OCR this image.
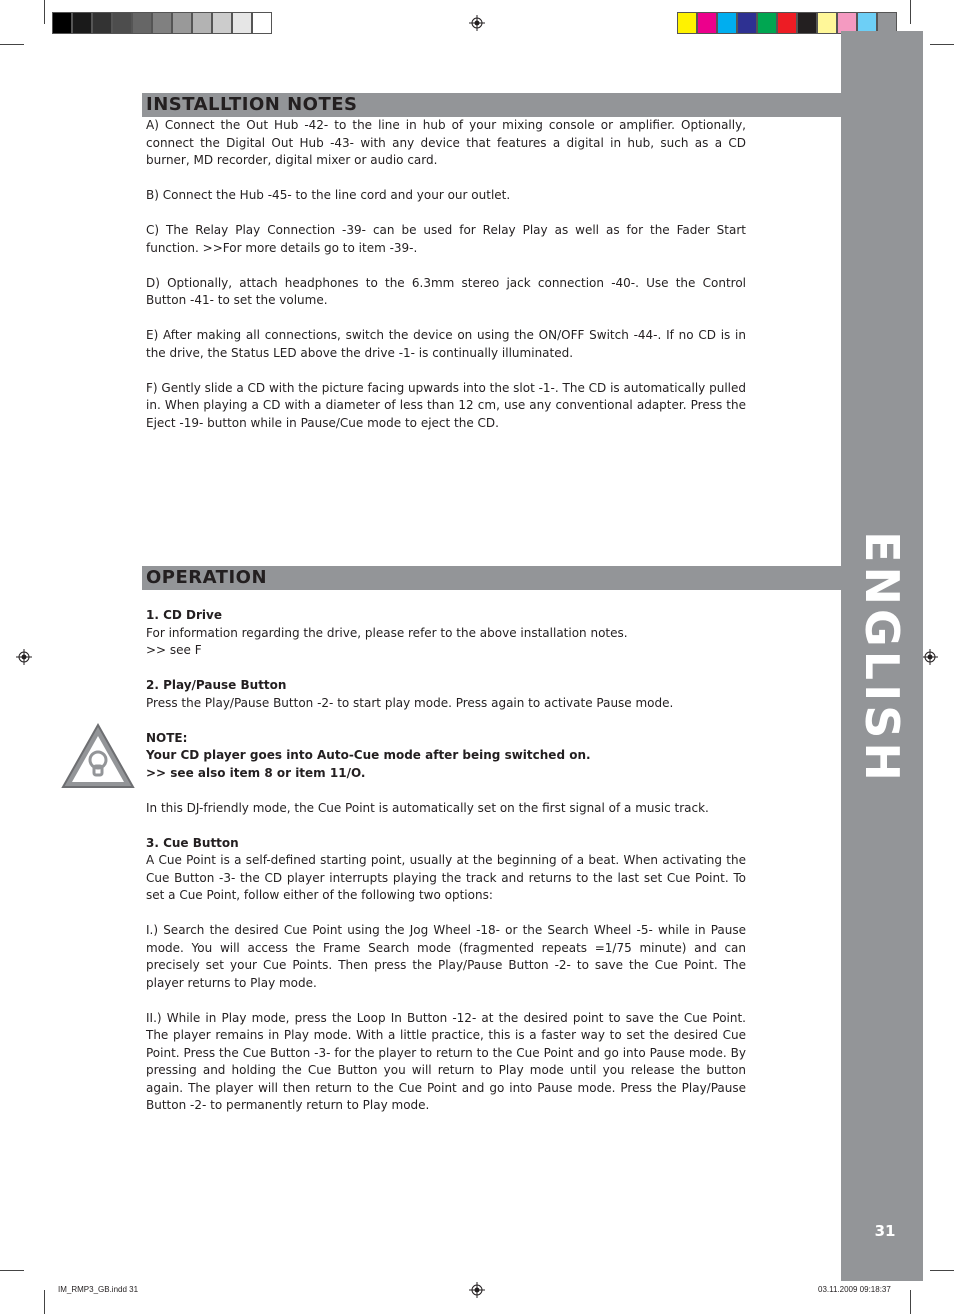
ENGLISH
31
INSTALLTION NOTES

A) Connect the Out Hub -42- to the line in hub of your mixing console or amplifier. Optionally, connect the Digital Out Hub -43- with any device that features a digital in hub, such as a CD burner, MD recorder, digital mixer or audio card.

B) Connect the Hub -45- to the line cord and your our outlet.

C) The Relay Play Connection -39- can be used for Relay Play as well as for the Fader Start function. >>For more details go to item -39-.

D) Optionally, attach headphones to the 6.3mm stereo jack connection -40-. Use the Control Button -41- to set the volume.

E) After making all connections, switch the device on using the ON/OFF Switch -44-. If no CD is in the drive, the Status LED above the drive -1- is continually illuminated.

F) Gently slide a CD with the picture facing upwards into the slot -1-. The CD is automatically pulled in. When playing a CD with a diameter of less than 12 cm, use any conventional adapter. Press the Eject -19- button while in Pause/Cue mode to eject the CD.

OPERATION

1. CD Drive

For information regarding the drive, please refer to the above installation notes.

>> see F

2. Play/Pause Button

Press the Play/Pause Button -2- to start play mode. Press again to activate Pause mode.

NOTE:

Your CD player goes into Auto-Cue mode after being switched on.

>> see also item 8 or item 11/O.

In this DJ-friendly mode, the Cue Point is automatically set on the first signal of a music track.

3. Cue Button

A Cue Point is a self-defined starting point, usually at the beginning of a beat. When activating the Cue Button -3- the CD player interrupts playing the track and returns to the last set Cue Point. To set a Cue Point, follow either of the following two options:

I.) Search the desired Cue Point using the Jog Wheel -18- or the Search Wheel -5- while in Pause mode. You will access the Frame Search mode (fragmented repeats =1/75 minute) and can precisely set your Cue Points. Then press the Play/Pause Button -2- to save the Cue Point. The player returns to Play mode.

II.) While in Play mode, press the Loop In Button -12- at the desired point to save the Cue Point. The player remains in Play mode. With a little practice, this is a faster way to set the desired Cue Point. Press the Cue Button -3- for the player to return to the Cue Point and go into Pause mode. By pressing and holding the Cue Button you will return to Play mode until you release the button again. The player will then return to the Cue Point and go into Pause mode. Press the Play/Pause Button -2- to permanently return to Play mode.

IM_RMP3_GB.indd 31	03.11.2009 09:18:37
